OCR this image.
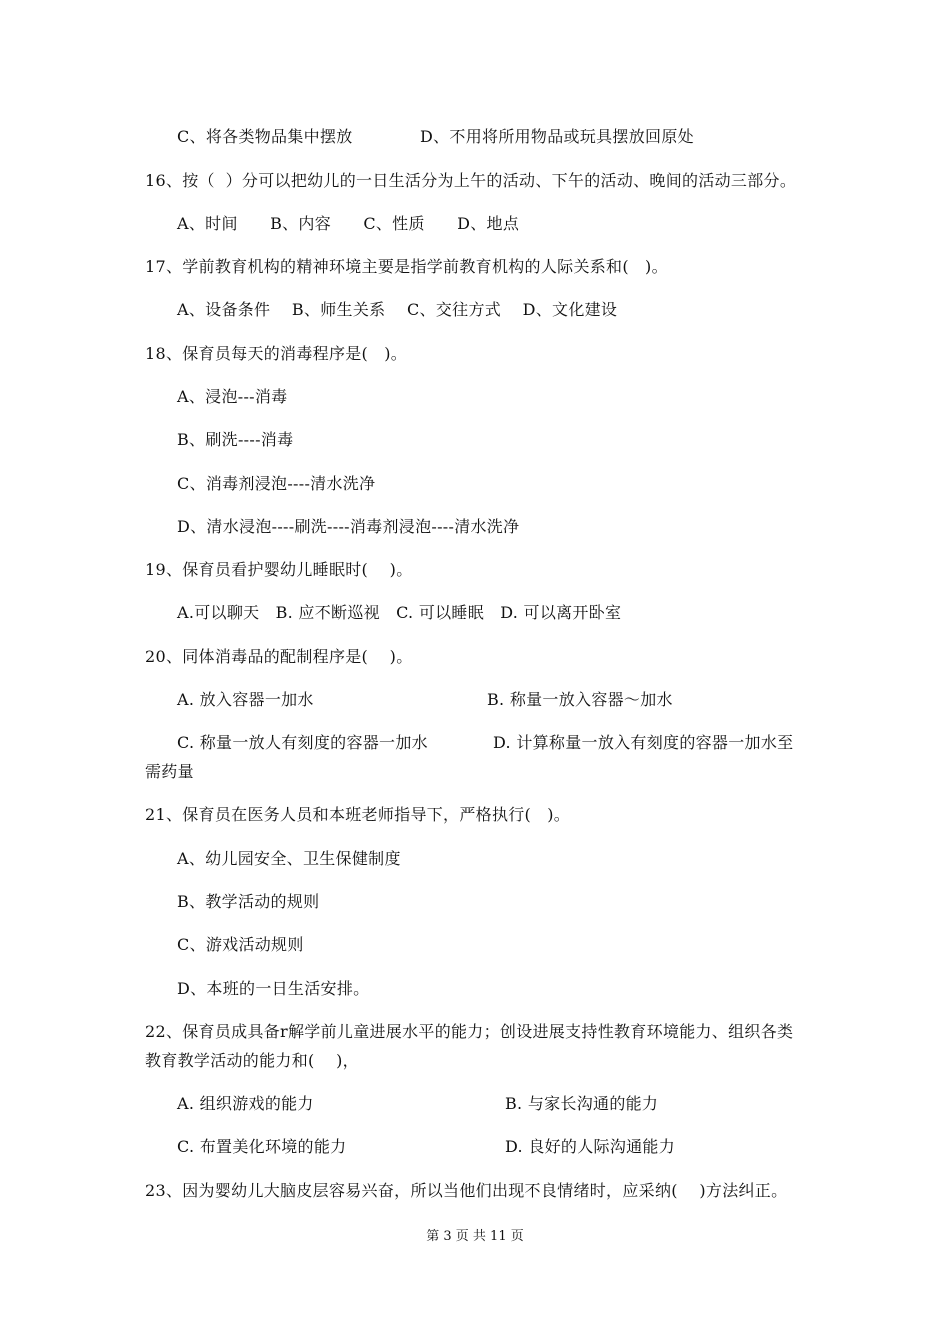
C、将各类物品集中摆放	D、不用将所用物品或玩具摆放回原处
16、按（  ）分可以把幼儿的一日生活分为上午的活动、下午的活动、晚间的活动三部分。
A、时间      B、内容      C、性质      D、地点
17、学前教育机构的精神环境主要是指学前教育机构的人际关系和(   )。
A、设备条件    B、师生关系    C、交往方式    D、文化建设
18、保育员每天的消毒程序是(   )。
A、浸泡---消毒
B、刷洗----消毒
C、消毒剂浸泡----清水洗净
D、清水浸泡----刷洗----消毒剂浸泡----清水洗净
19、保育员看护婴幼儿睡眠时(    )。
A.可以聊天   B. 应不断巡视   C. 可以睡眠   D. 可以离开卧室
20、同体消毒品的配制程序是(    )。
A. 放入容器一加水	B. 称量一放入容器～加水
C. 称量一放人有刻度的容器一加水	D. 计算称量一放入有刻度的容器一加水至
需药量
21、保育员在医务人员和本班老师指导下，严格执行(   )。
A、幼儿园安全、卫生保健制度
B、教学活动的规则
C、游戏活动规则
D、本班的一日生活安排。
22、保育员成具备r解学前儿童进展水平的能力；创设进展支持性教育环境能力、组织各类
教育教学活动的能力和(    )，
A. 组织游戏的能力	B. 与家长沟通的能力
C. 布置美化环境的能力	D. 良好的人际沟通能力
23、因为婴幼儿大脑皮层容易兴奋，所以当他们出现不良情绪时，应采纳(    )方法纠正。
第 3 页 共 11 页
